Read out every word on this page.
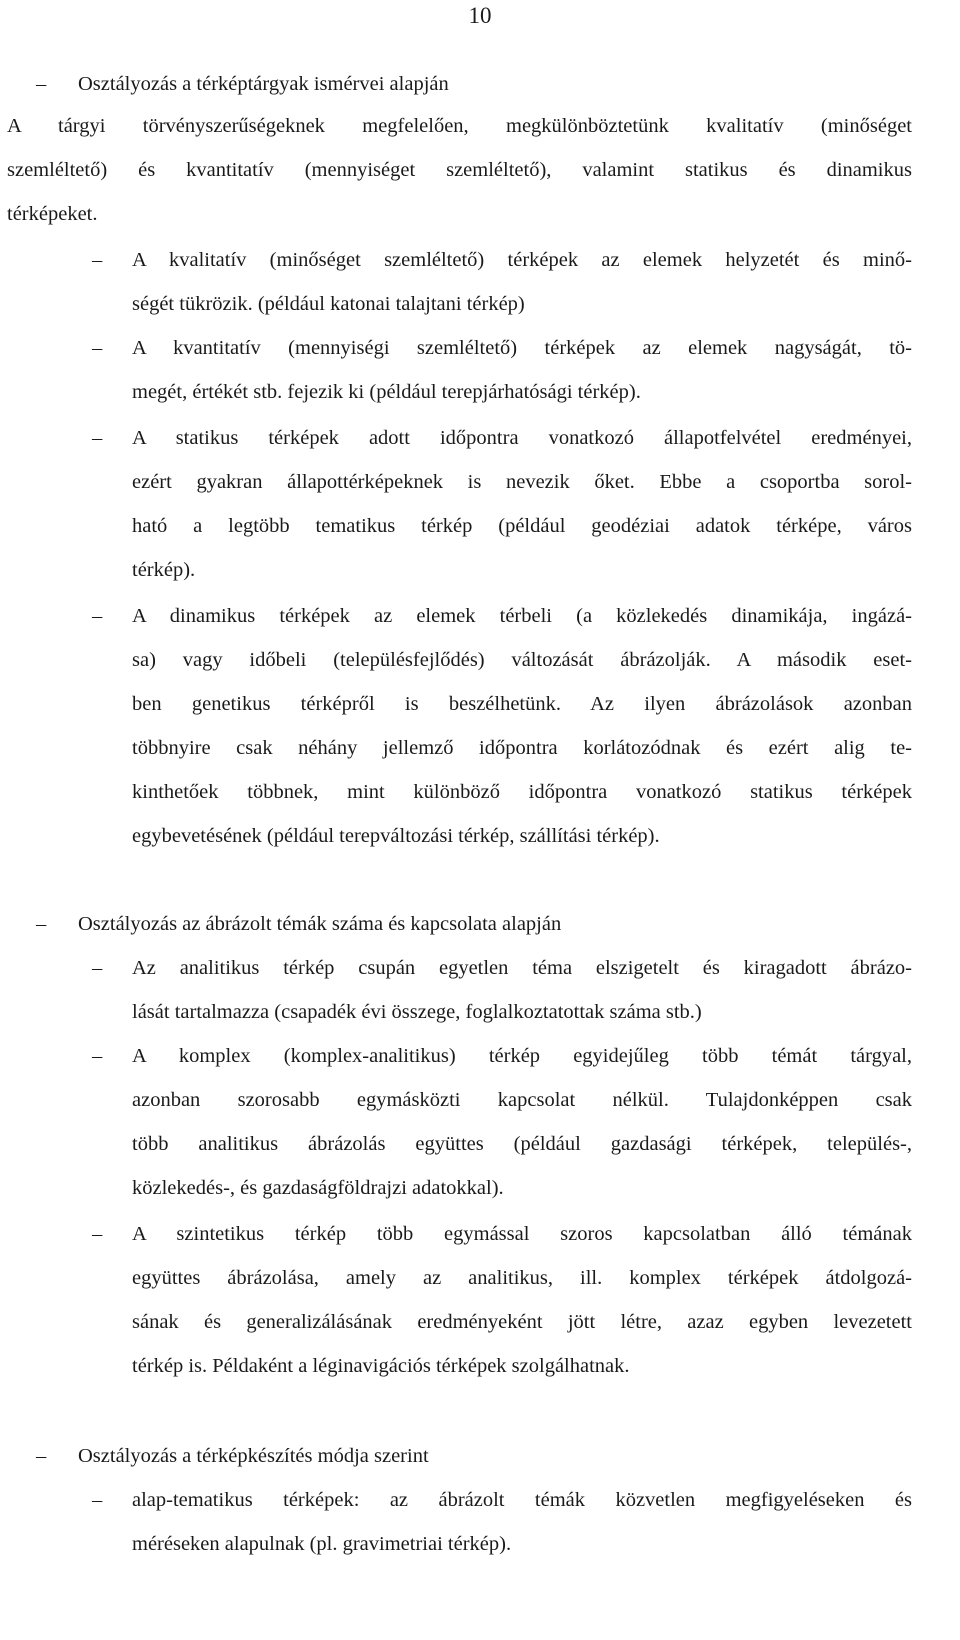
10
– Osztályozás a térképtárgyak ismérvei alapján
A tárgyi törvényszerűségeknek megfelelően, megkülönböztetünk kvalitatív (minőséget
szemléltető) és kvantitatív (mennyiséget szemléltető), valamint statikus és dinamikus
térképeket.
– A kvalitatív (minőséget szemléltető) térképek az elemek helyzetét és minő-
ségét tükrözik. (például katonai talajtani térkép)
– A kvantitatív (mennyiségi szemléltető) térképek az elemek nagyságát, tö-
megét, értékét stb. fejezik ki (például terepjárhatósági térkép).
– A statikus térképek adott időpontra vonatkozó állapotfelvétel eredményei,
ezért gyakran állapottérképeknek is nevezik őket. Ebbe a csoportba sorol-
ható a legtöbb tematikus térkép (például geodéziai adatok térképe, város
térkép).
– A dinamikus térképek az elemek térbeli (a közlekedés dinamikája, ingázá-
sa) vagy időbeli (településfejlődés) változását ábrázolják. A második eset-
ben genetikus térképről is beszélhetünk. Az ilyen ábrázolások azonban
többnyire csak néhány jellemző időpontra korlátozódnak és ezért alig te-
kinthetőek többnek, mint különböző időpontra vonatkozó statikus térképek
egybevetésének (például terepváltozási térkép, szállítási térkép).
– Osztályozás az ábrázolt témák száma és kapcsolata alapján
– Az analitikus térkép csupán egyetlen téma elszigetelt és kiragadott ábrázo-
lását tartalmazza (csapadék évi összege, foglalkoztatottak száma stb.)
– A komplex (komplex-analitikus) térkép egyidejűleg több témát tárgyal,
azonban szorosabb egymásközti kapcsolat nélkül. Tulajdonképpen csak
több analitikus ábrázolás együttes (például gazdasági térképek, település-,
közlekedés-, és gazdaságföldrajzi adatokkal).
– A szintetikus térkép több egymással szoros kapcsolatban álló témának
együttes ábrázolása, amely az analitikus, ill. komplex térképek átdolgozá-
sának és generalizálásának eredményeként jött létre, azaz egyben levezetett
térkép is. Példaként a léginavigációs térképek szolgálhatnak.
– Osztályozás a térképkészítés módja szerint
– alap-tematikus térképek: az ábrázolt témák közvetlen megfigyeléseken és
méréseken alapulnak (pl. gravimetriai térkép).
